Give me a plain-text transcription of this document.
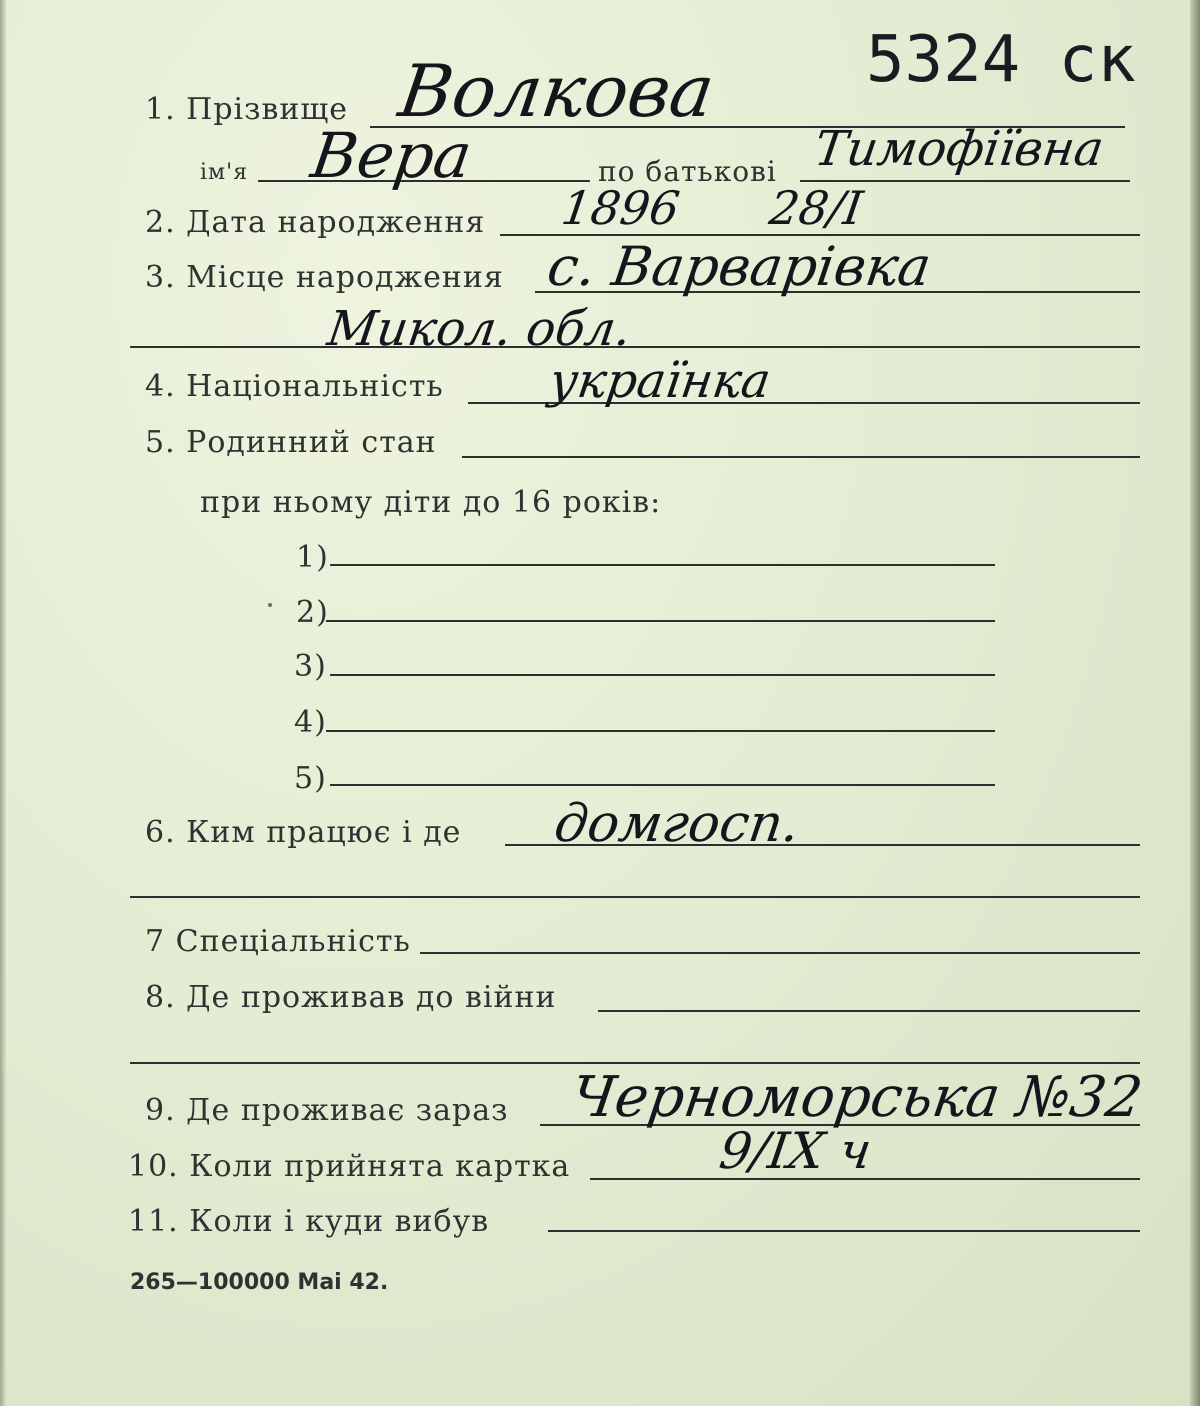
5324 ск
1. Прізвище Волкова
ім'я Вера	по батькові Тимофіївна
2. Дата народження 1896 28/I
3. Місце народжения с. Варварівка
Микол. обл.
4. Національність українка
5. Родинний стан
при ньому діти до 16 років:
1)
2)
3)
4)
5)
6. Ким працює і де домгосп.
7 Спеціальність
8. Де проживав до війни
9. Де проживає зараз Черноморська №32
10. Коли прийнята картка	9/IX ч
11. Коли і куди вибув
265—100000 Маі 42.
